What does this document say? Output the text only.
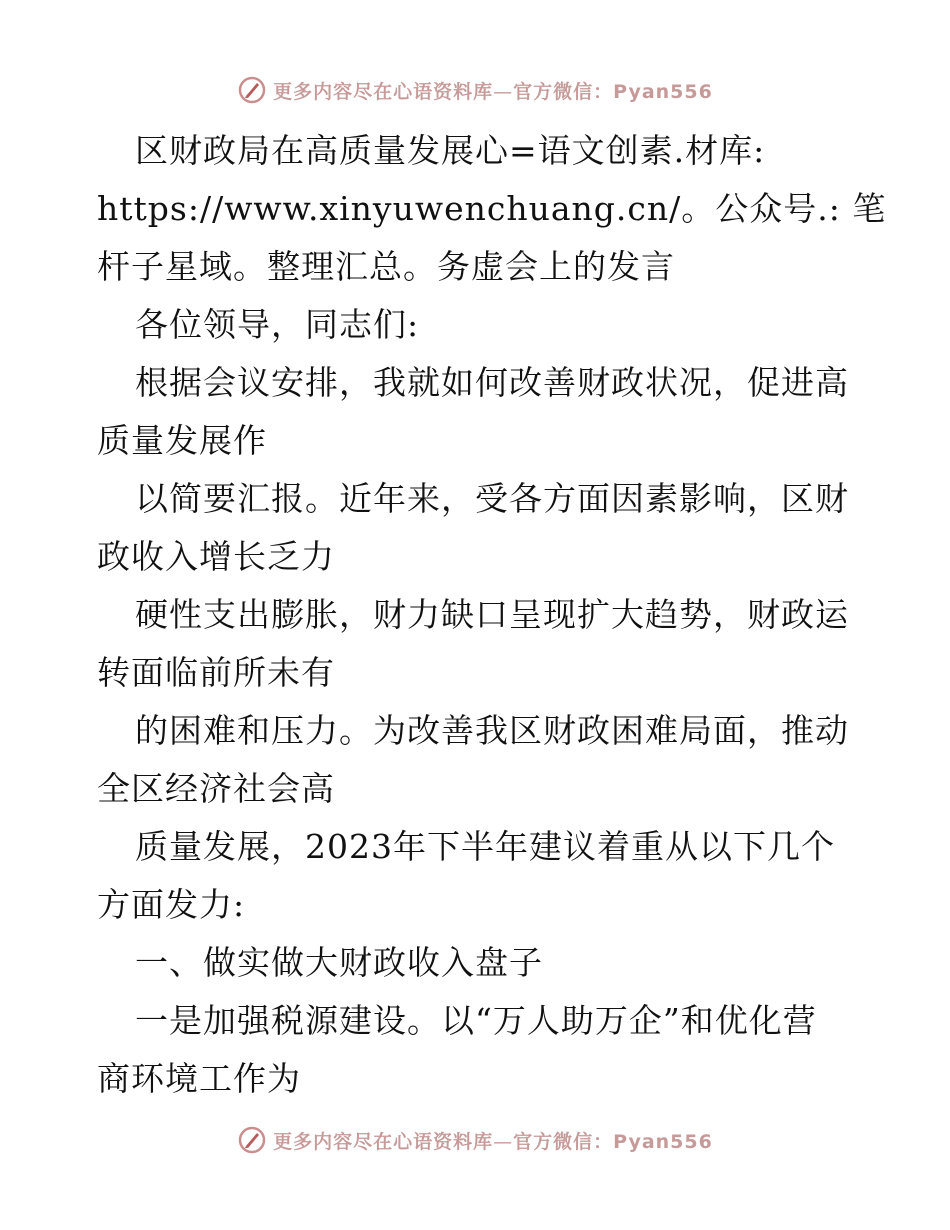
更多内容尽在心语资料库—官方微信：Pyan556
区财政局在高质量发展心=语文创素.材库:
https://www.xinyuwenchuang.cn/。公众号.: 笔
杆子星域。整理汇总。务虚会上的发言
各位领导，同志们:
根据会议安排，我就如何改善财政状况，促进高
质量发展作
以简要汇报。近年来，受各方面因素影响，区财
政收入增长乏力
硬性支出膨胀，财力缺口呈现扩大趋势，财政运
转面临前所未有
的困难和压力。为改善我区财政困难局面，推动
全区经济社会高
质量发展，2023年下半年建议着重从以下几个
方面发力:
一、做实做大财政收入盘子
一是加强税源建设。以“万人助万企”和优化营
商环境工作为
更多内容尽在心语资料库—官方微信：Pyan556
